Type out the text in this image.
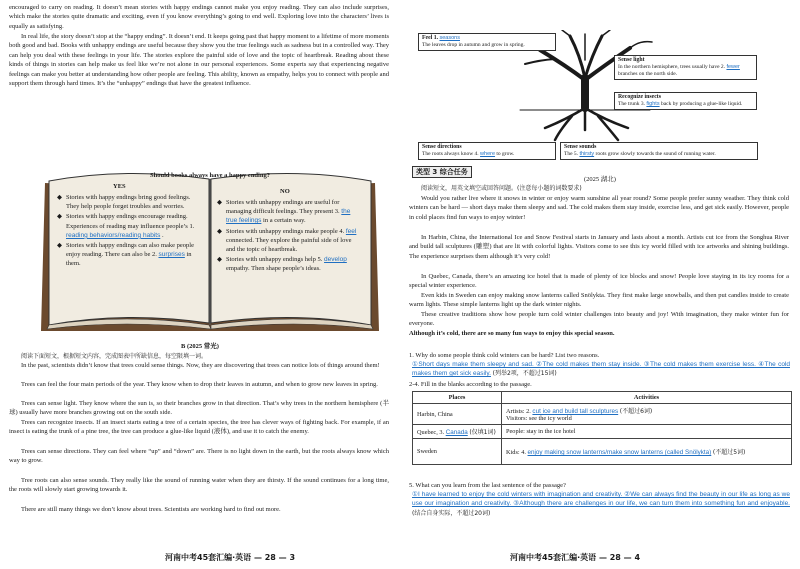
encouraged to carry on reading. It doesn’t mean stories with happy endings cannot make you enjoy reading. They can also include surprises, which make the stories quite dramatic and exciting, even if you know everything’s going to end well. Exploring love into the characters’ lives is equally as satisfying.

In real life, the story doesn’t stop at the “happy ending”. It doesn’t end. It keeps going past that happy moment to a lifetime of more moments both good and bad. Books with unhappy endings are useful because they show you the true feelings such as sadness but in a controlled way. They can help you deal with these feelings in your life. The stories explore the painful side of love and the topic of heartbreak. Reading about these kinds of things in stories can help make us feel like we’re not alone in our personal experiences. Some experts say that experiencing negative feelings can make you better at understanding how other people are feeling. This ability, known as empathy, helps you to connect with people and support them through hard times. It’s the “unhappy” endings that have the greatest influence.

Should books always have a happy ending?
YES
NO
◆ Stories with happy endings bring good feelings. They help people forget troubles and worries.
◆ Stories with happy endings encourage reading. Experiences of reading may influence people’s 1. reading behaviors/reading habits .
◆ Stories with happy endings can also make people enjoy reading. There can also be 2. surprises in them.
◆ Stories with unhappy endings are useful for managing difficult feelings. They present 3. the true feelings in a certain way.
◆ Stories with unhappy endings make people 4. feel connected. They explore the painful side of love and the topic of heartbreak.
◆ Stories with unhappy endings help 5. develop empathy. Then shape people’s ideas.
B (2025 常光)
阅读下面短文，根据短文内容，完成图表中所缺信息，每空限填一词。

In the past, scientists didn’t know that trees could sense things. Now, they are discovering that trees can notice lots of things around them!

Trees can feel the four main periods of the year. They know when to drop their leaves in autumn, and when to grow new leaves in spring.

Trees can sense light. They know where the sun is, so their branches grow in that direction. That’s why trees in the northern hemisphere (半球) usually have more branches growing out on the south side.

Trees can recognize insects. If an insect starts eating a tree of a certain species, the tree has clever ways of fighting back. For example, if an insect is eating the trunk of a pine tree, the tree can produce a glue-like liquid (液体), and use it to catch the enemy.

Trees can sense directions. They can feel where “up” and “down” are. There is no light down in the earth, but the roots always know which way to grow.

Tree roots can also sense sounds. They really like the sound of running water when they are thirsty. If the sound continues for a long time, the roots will slowly start growing towards it.

There are still many things we don’t know about trees. Scientists are working hard to find out more.

河南中考45套汇编·英语 — 28 — 3
Feel 1. seasons
The leaves drop in autumn and grow in spring.
Sense light
In the northern hemisphere, trees usually have 2. fewer branches on the north side.
Recognize insects
The trunk 3. fights back by producing a glue-like liquid.
Sense directions
The roots always know 4. where to grow.
Sense sounds
The 5. thirsty roots grow slowly towards the sound of running water.
类型 3 综合任务
(2025 湖北)
阅读短文，用英文填空或回答问题。(注意每小题的词数要求)

Would you rather live where it snows in winter or enjoy warm sunshine all year round? Some people prefer sunny weather. They think cold winters can be hard — short days make them sleepy and sad. The cold makes them stay inside, exercise less, and get sick easily. However, people in cold places find fun ways to enjoy winter!

In Harbin, China, the International Ice and Snow Festival starts in January and lasts about a month. Artists cut ice from the Songhua River and build tall sculptures (雕塑) that are lit with colorful lights. Visitors come to see this icy world filled with ice artworks and shining buildings. The experience surprises them although it’s very cold!

In Quebec, Canada, there’s an amazing ice hotel that is made of plenty of ice blocks and snow! People love staying in its icy rooms for a special winter experience.

Even kids in Sweden can enjoy making snow lanterns called Snölykta. They first make large snowballs, and then put candles inside to create warm lights. These simple lanterns light up the dark winter nights.

These creative traditions show how people turn cold winter challenges into beauty and joy! With imagination, they make winter fun for everyone.

Although it’s cold, there are so many fun ways to enjoy this special season.

1. Why do some people think cold winters can be hard? List two reasons.
①Short days make them sleepy and sad. ②The cold makes them stay inside. ③The cold makes them exercise less. ④The cold makes them get sick easily. (列举2项，不超过15词)
2-4. Fill in the blanks according to the passage.
Places	Activities
Harbin, China	Artists: 2. cut ice and build tall sculptures (不超过6词)
Visitors: see the icy world
Quebec, 3. Canada (仅填1词)	People: stay in the ice hotel
Sweden	Kids: 4. enjoy making snow lanterns/make snow lanterns (called Snölykta) (不超过5词)
5. What can you learn from the last sentence of the passage?
①I have learned to enjoy the cold winters with imagination and creativity. ②We can always find the beauty in our life as long as we use our imagination and creativity. ③Although there are challenges in our life, we can turn them into something fun and enjoyable. (结合自身实际，不超过20词)
河南中考45套汇编·英语 — 28 — 4
